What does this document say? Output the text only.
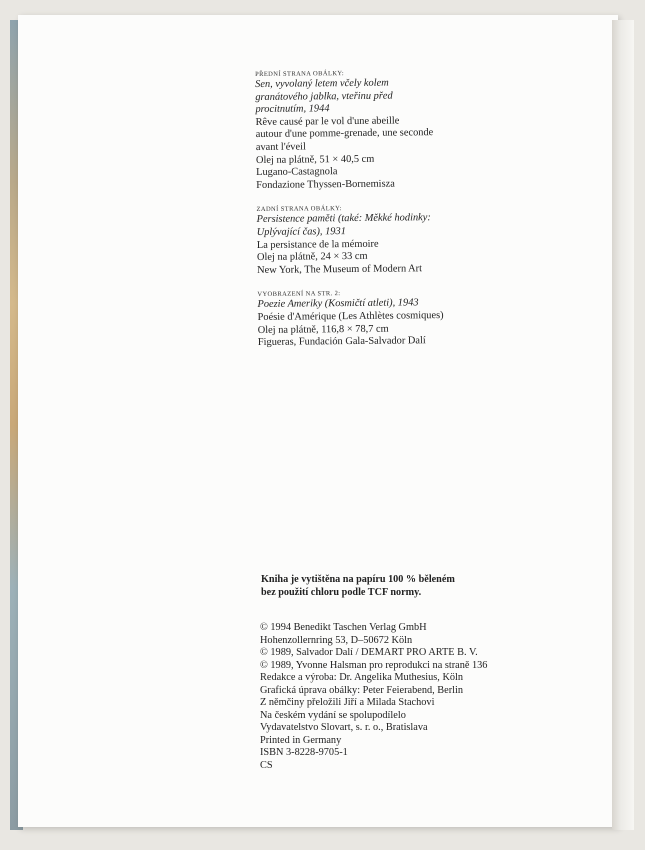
PŘEDNÍ STRANA OBÁLKY:
Sen, vyvolaný letem včely kolem
granátového jablka, vteřinu před
procitnutím, 1944
Rêve causé par le vol d'une abeille
autour d'une pomme-grenade, une seconde
avant l'éveil
Olej na plátně, 51 × 40,5 cm
Lugano-Castagnola
Fondazione Thyssen-Bornemisza
ZADNÍ STRANA OBÁLKY:
Persistence paměti (také: Měkké hodinky:
Uplývající čas), 1931
La persistance de la mémoire
Olej na plátně, 24 × 33 cm
New York, The Museum of Modern Art
VYOBRAZENÍ NA STR. 2:
Poezie Ameriky (Kosmičtí atleti), 1943
Poésie d'Amérique (Les Athlètes cosmiques)
Olej na plátně, 116,8 × 78,7 cm
Figueras, Fundación Gala-Salvador Dalí
Kniha je vytištěna na papíru 100 % běleném
bez použití chloru podle TCF normy.
© 1994 Benedikt Taschen Verlag GmbH
Hohenzollernring 53, D–50672 Köln
© 1989, Salvador Dalí / DEMART PRO ARTE B. V.
© 1989, Yvonne Halsman pro reprodukci na straně 136
Redakce a výroba: Dr. Angelika Muthesius, Köln
Grafická úprava obálky: Peter Feierabend, Berlin
Z němčiny přeložili Jiří a Milada Stachovi
Na českém vydání se spolupodílelo
Vydavatelstvo Slovart, s. r. o., Bratislava
Printed in Germany
ISBN 3-8228-9705-1
CS
